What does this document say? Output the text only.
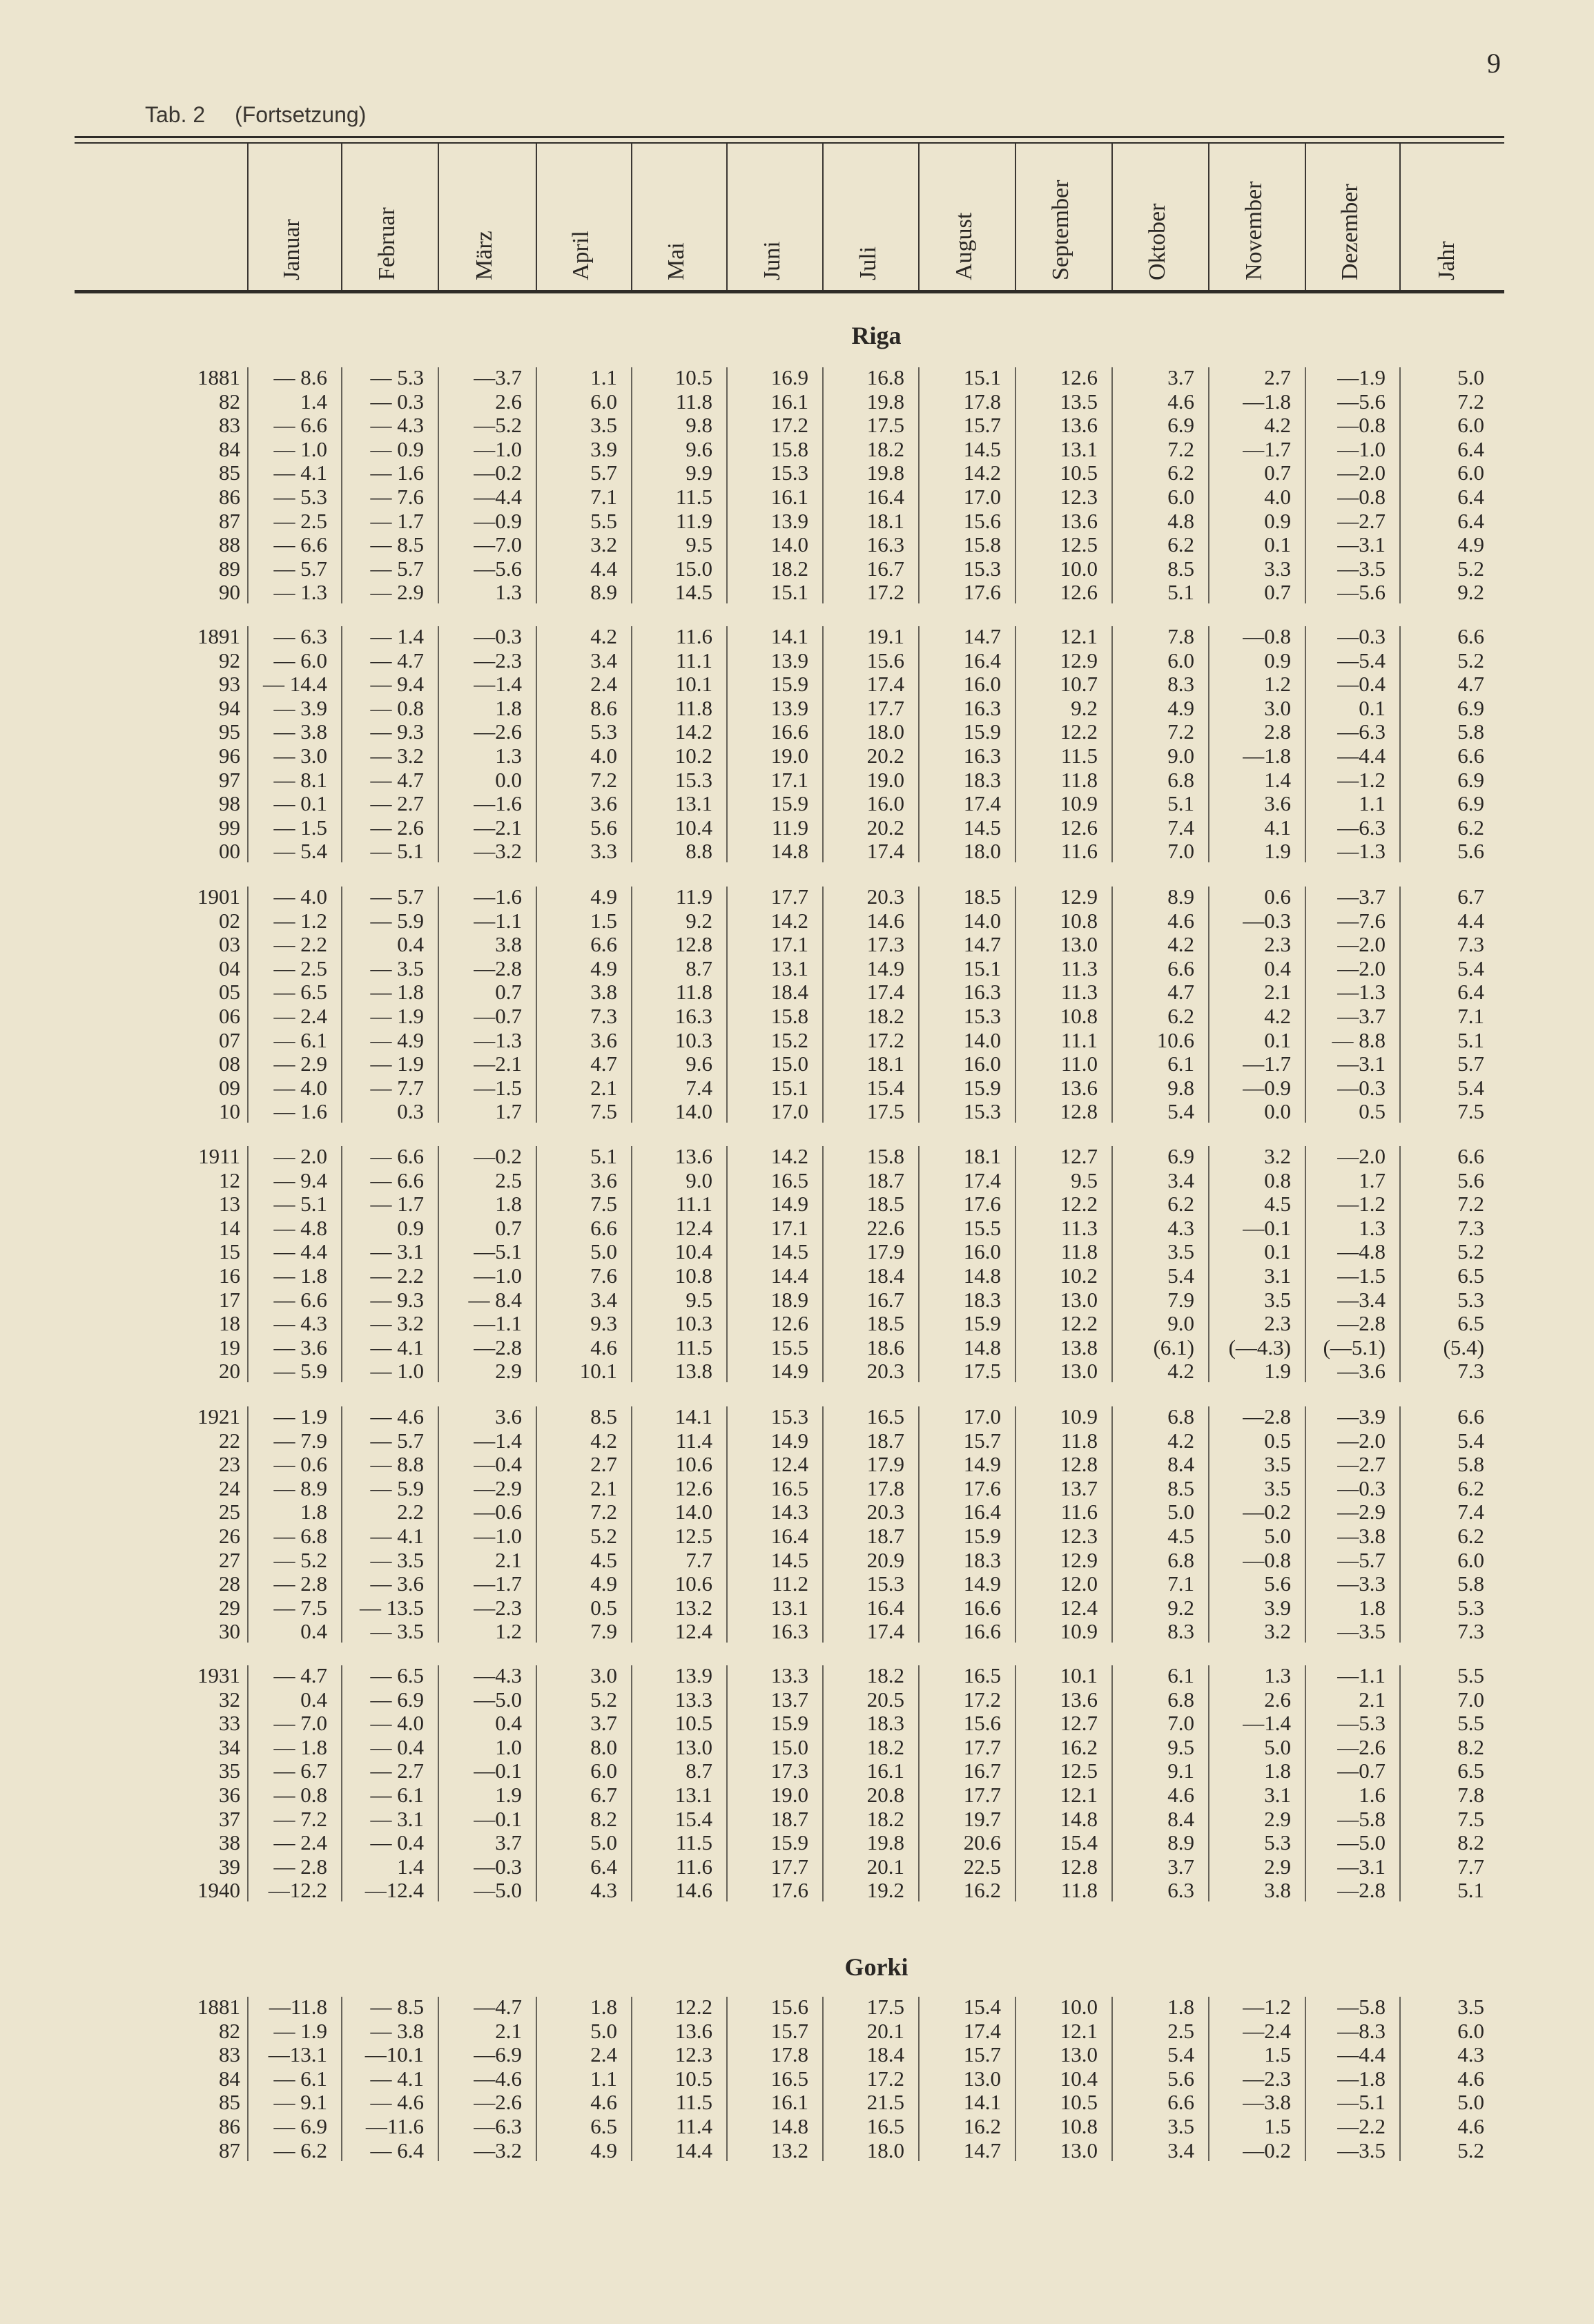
9
Tab. 2 (Fortsetzung)
Januar	Februar	März	April	Mai	Juni	Juli	August	September	Oktober	November	Dezember	Jahr
Riga
1881	— 8.6	— 5.3	—3.7	1.1	10.5	16.9	16.8	15.1	12.6	3.7	2.7	—1.9	5.0
82	1.4	— 0.3	2.6	6.0	11.8	16.1	19.8	17.8	13.5	4.6	—1.8	—5.6	7.2
83	— 6.6	— 4.3	—5.2	3.5	9.8	17.2	17.5	15.7	13.6	6.9	4.2	—0.8	6.0
84	— 1.0	— 0.9	—1.0	3.9	9.6	15.8	18.2	14.5	13.1	7.2	—1.7	—1.0	6.4
85	— 4.1	— 1.6	—0.2	5.7	9.9	15.3	19.8	14.2	10.5	6.2	0.7	—2.0	6.0
86	— 5.3	— 7.6	—4.4	7.1	11.5	16.1	16.4	17.0	12.3	6.0	4.0	—0.8	6.4
87	— 2.5	— 1.7	—0.9	5.5	11.9	13.9	18.1	15.6	13.6	4.8	0.9	—2.7	6.4
88	— 6.6	— 8.5	—7.0	3.2	9.5	14.0	16.3	15.8	12.5	6.2	0.1	—3.1	4.9
89	— 5.7	— 5.7	—5.6	4.4	15.0	18.2	16.7	15.3	10.0	8.5	3.3	—3.5	5.2
90	— 1.3	— 2.9	1.3	8.9	14.5	15.1	17.2	17.6	12.6	5.1	0.7	—5.6	9.2
1891	— 6.3	— 1.4	—0.3	4.2	11.6	14.1	19.1	14.7	12.1	7.8	—0.8	—0.3	6.6
92	— 6.0	— 4.7	—2.3	3.4	11.1	13.9	15.6	16.4	12.9	6.0	0.9	—5.4	5.2
93	— 14.4	— 9.4	—1.4	2.4	10.1	15.9	17.4	16.0	10.7	8.3	1.2	—0.4	4.7
94	— 3.9	— 0.8	1.8	8.6	11.8	13.9	17.7	16.3	9.2	4.9	3.0	0.1	6.9
95	— 3.8	— 9.3	—2.6	5.3	14.2	16.6	18.0	15.9	12.2	7.2	2.8	—6.3	5.8
96	— 3.0	— 3.2	1.3	4.0	10.2	19.0	20.2	16.3	11.5	9.0	—1.8	—4.4	6.6
97	— 8.1	— 4.7	0.0	7.2	15.3	17.1	19.0	18.3	11.8	6.8	1.4	—1.2	6.9
98	— 0.1	— 2.7	—1.6	3.6	13.1	15.9	16.0	17.4	10.9	5.1	3.6	1.1	6.9
99	— 1.5	— 2.6	—2.1	5.6	10.4	11.9	20.2	14.5	12.6	7.4	4.1	—6.3	6.2
00	— 5.4	— 5.1	—3.2	3.3	8.8	14.8	17.4	18.0	11.6	7.0	1.9	—1.3	5.6
1901	— 4.0	— 5.7	—1.6	4.9	11.9	17.7	20.3	18.5	12.9	8.9	0.6	—3.7	6.7
02	— 1.2	— 5.9	—1.1	1.5	9.2	14.2	14.6	14.0	10.8	4.6	—0.3	—7.6	4.4
03	— 2.2	0.4	3.8	6.6	12.8	17.1	17.3	14.7	13.0	4.2	2.3	—2.0	7.3
04	— 2.5	— 3.5	—2.8	4.9	8.7	13.1	14.9	15.1	11.3	6.6	0.4	—2.0	5.4
05	— 6.5	— 1.8	0.7	3.8	11.8	18.4	17.4	16.3	11.3	4.7	2.1	—1.3	6.4
06	— 2.4	— 1.9	—0.7	7.3	16.3	15.8	18.2	15.3	10.8	6.2	4.2	—3.7	7.1
07	— 6.1	— 4.9	—1.3	3.6	10.3	15.2	17.2	14.0	11.1	10.6	0.1	— 8.8	5.1
08	— 2.9	— 1.9	—2.1	4.7	9.6	15.0	18.1	16.0	11.0	6.1	—1.7	—3.1	5.7
09	— 4.0	— 7.7	—1.5	2.1	7.4	15.1	15.4	15.9	13.6	9.8	—0.9	—0.3	5.4
10	— 1.6	0.3	1.7	7.5	14.0	17.0	17.5	15.3	12.8	5.4	0.0	0.5	7.5
1911	— 2.0	— 6.6	—0.2	5.1	13.6	14.2	15.8	18.1	12.7	6.9	3.2	—2.0	6.6
12	— 9.4	— 6.6	2.5	3.6	9.0	16.5	18.7	17.4	9.5	3.4	0.8	1.7	5.6
13	— 5.1	— 1.7	1.8	7.5	11.1	14.9	18.5	17.6	12.2	6.2	4.5	—1.2	7.2
14	— 4.8	0.9	0.7	6.6	12.4	17.1	22.6	15.5	11.3	4.3	—0.1	1.3	7.3
15	— 4.4	— 3.1	—5.1	5.0	10.4	14.5	17.9	16.0	11.8	3.5	0.1	—4.8	5.2
16	— 1.8	— 2.2	—1.0	7.6	10.8	14.4	18.4	14.8	10.2	5.4	3.1	—1.5	6.5
17	— 6.6	— 9.3	— 8.4	3.4	9.5	18.9	16.7	18.3	13.0	7.9	3.5	—3.4	5.3
18	— 4.3	— 3.2	—1.1	9.3	10.3	12.6	18.5	15.9	12.2	9.0	2.3	—2.8	6.5
19	— 3.6	— 4.1	—2.8	4.6	11.5	15.5	18.6	14.8	13.8	(6.1)	(—4.3)	(—5.1)	(5.4)
20	— 5.9	— 1.0	2.9	10.1	13.8	14.9	20.3	17.5	13.0	4.2	1.9	—3.6	7.3
1921	— 1.9	— 4.6	3.6	8.5	14.1	15.3	16.5	17.0	10.9	6.8	—2.8	—3.9	6.6
22	— 7.9	— 5.7	—1.4	4.2	11.4	14.9	18.7	15.7	11.8	4.2	0.5	—2.0	5.4
23	— 0.6	— 8.8	—0.4	2.7	10.6	12.4	17.9	14.9	12.8	8.4	3.5	—2.7	5.8
24	— 8.9	— 5.9	—2.9	2.1	12.6	16.5	17.8	17.6	13.7	8.5	3.5	—0.3	6.2
25	1.8	2.2	—0.6	7.2	14.0	14.3	20.3	16.4	11.6	5.0	—0.2	—2.9	7.4
26	— 6.8	— 4.1	—1.0	5.2	12.5	16.4	18.7	15.9	12.3	4.5	5.0	—3.8	6.2
27	— 5.2	— 3.5	2.1	4.5	7.7	14.5	20.9	18.3	12.9	6.8	—0.8	—5.7	6.0
28	— 2.8	— 3.6	—1.7	4.9	10.6	11.2	15.3	14.9	12.0	7.1	5.6	—3.3	5.8
29	— 7.5	— 13.5	—2.3	0.5	13.2	13.1	16.4	16.6	12.4	9.2	3.9	1.8	5.3
30	0.4	— 3.5	1.2	7.9	12.4	16.3	17.4	16.6	10.9	8.3	3.2	—3.5	7.3
1931	— 4.7	— 6.5	—4.3	3.0	13.9	13.3	18.2	16.5	10.1	6.1	1.3	—1.1	5.5
32	0.4	— 6.9	—5.0	5.2	13.3	13.7	20.5	17.2	13.6	6.8	2.6	2.1	7.0
33	— 7.0	— 4.0	0.4	3.7	10.5	15.9	18.3	15.6	12.7	7.0	—1.4	—5.3	5.5
34	— 1.8	— 0.4	1.0	8.0	13.0	15.0	18.2	17.7	16.2	9.5	5.0	—2.6	8.2
35	— 6.7	— 2.7	—0.1	6.0	8.7	17.3	16.1	16.7	12.5	9.1	1.8	—0.7	6.5
36	— 0.8	— 6.1	1.9	6.7	13.1	19.0	20.8	17.7	12.1	4.6	3.1	1.6	7.8
37	— 7.2	— 3.1	—0.1	8.2	15.4	18.7	18.2	19.7	14.8	8.4	2.9	—5.8	7.5
38	— 2.4	— 0.4	3.7	5.0	11.5	15.9	19.8	20.6	15.4	8.9	5.3	—5.0	8.2
39	— 2.8	1.4	—0.3	6.4	11.6	17.7	20.1	22.5	12.8	3.7	2.9	—3.1	7.7
1940	—12.2	—12.4	—5.0	4.3	14.6	17.6	19.2	16.2	11.8	6.3	3.8	—2.8	5.1
Gorki
1881	—11.8	— 8.5	—4.7	1.8	12.2	15.6	17.5	15.4	10.0	1.8	—1.2	—5.8	3.5
82	— 1.9	— 3.8	2.1	5.0	13.6	15.7	20.1	17.4	12.1	2.5	—2.4	—8.3	6.0
83	—13.1	—10.1	—6.9	2.4	12.3	17.8	18.4	15.7	13.0	5.4	1.5	—4.4	4.3
84	— 6.1	— 4.1	—4.6	1.1	10.5	16.5	17.2	13.0	10.4	5.6	—2.3	—1.8	4.6
85	— 9.1	— 4.6	—2.6	4.6	11.5	16.1	21.5	14.1	10.5	6.6	—3.8	—5.1	5.0
86	— 6.9	—11.6	—6.3	6.5	11.4	14.8	16.5	16.2	10.8	3.5	1.5	—2.2	4.6
87	— 6.2	— 6.4	—3.2	4.9	14.4	13.2	18.0	14.7	13.0	3.4	—0.2	—3.5	5.2
